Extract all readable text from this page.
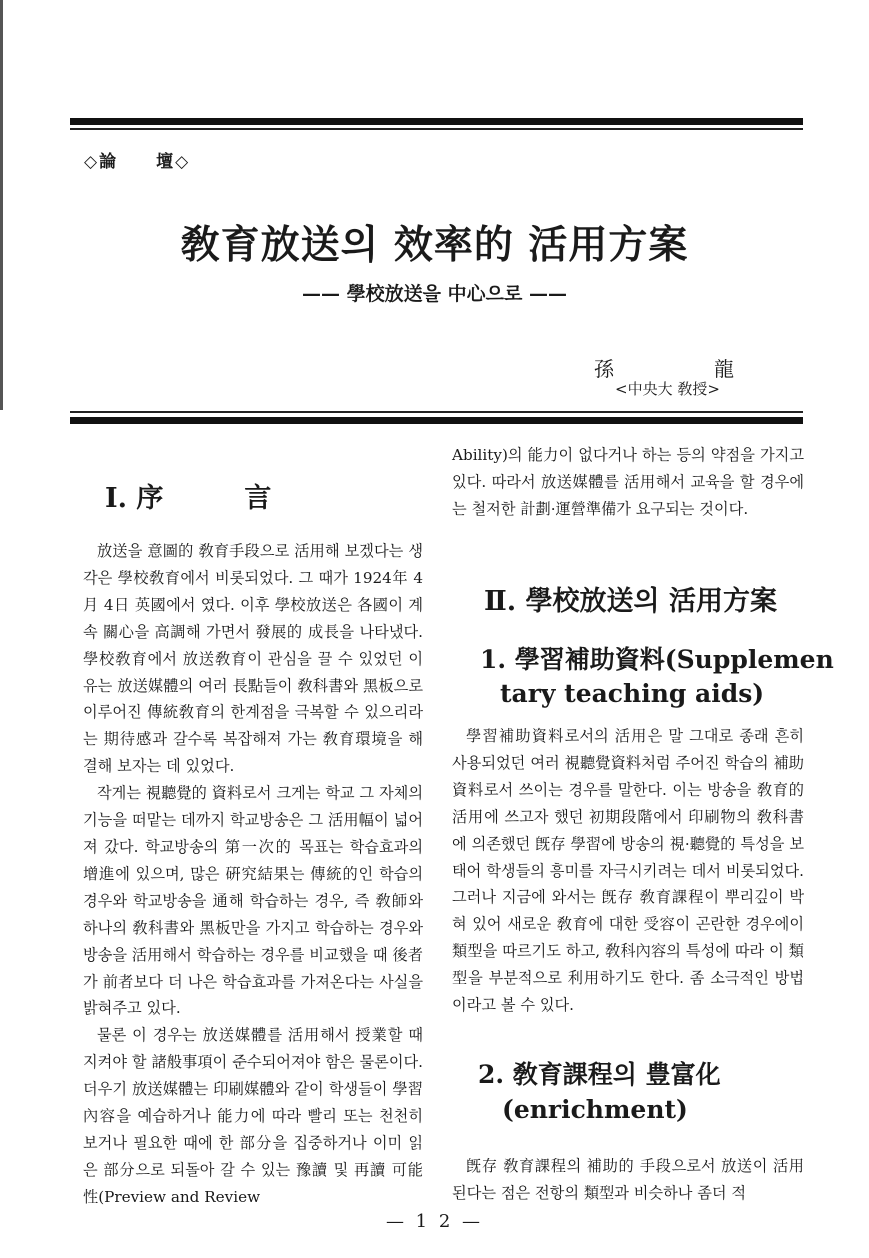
◇論　　壇◇
敎育放送의 效率的 活用方案
—— 學校放送을 中心으로 ——
孫　　　　　龍
<中央大 敎授>
Ⅰ. 序　　　言

放送을 意圖的 敎育手段으로 活用해 보겠다는 생각은 學校敎育에서 비롯되었다. 그 때가 1924年 4月 4日 英國에서 였다. 이후 學校放送은 各國이 계속 關心을 高調해 가면서 發展的 成長을 나타냈다. 學校敎育에서 放送敎育이 관심을 끌 수 있었던 이유는 放送媒體의 여러 長點들이 敎科書와 黑板으로 이루어진 傳統敎育의 한계점을 극복할 수 있으리라는 期待感과 갈수록 복잡해져 가는 敎育環境을 해결해 보자는 데 있었다.

작게는 視聽覺的 資料로서 크게는 학교 그 자체의 기능을 떠맡는 데까지 학교방송은 그 活用幅이 넓어져 갔다. 학교방송의 第一次的 목표는 학습효과의 增進에 있으며, 많은 硏究結果는 傳統的인 학습의 경우와 학교방송을 通해 학습하는 경우, 즉 敎師와 하나의 敎科書와 黑板만을 가지고 학습하는 경우와 방송을 活用해서 학습하는 경우를 비교했을 때 後者가 前者보다 더 나은 학습효과를 가져온다는 사실을 밝혀주고 있다.

물론 이 경우는 放送媒體를 活用해서 授業할 때 지켜야 할 諸般事項이 준수되어져야 함은 물론이다. 더우기 放送媒體는 印刷媒體와 같이 학생들이 學習內容을 예습하거나 能力에 따라 빨리 또는 천천히 보거나 필요한 때에 한 部分을 집중하거나 이미 읽은 部分으로 되돌아 갈 수 있는 豫讀 및 再讀 可能性(Preview and Review

Ability)의 能力이 없다거나 하는 등의 약점을 가지고 있다. 따라서 放送媒體를 活用해서 교육을 할 경우에는 철저한 計劃·運營準備가 요구되는 것이다.

Ⅱ. 學校放送의 活用方案
1. 學習補助資料(Supplemen
tary teaching aids)

學習補助資料로서의 活用은 말 그대로 종래 흔히 사용되었던 여러 視聽覺資料처럼 주어진 학습의 補助資料로서 쓰이는 경우를 말한다. 이는 방송을 敎育的 活用에 쓰고자 했던 初期段階에서 印刷物의 敎科書에 의존했던 旣存 學習에 방송의 視·聽覺的 특성을 보태어 학생들의 흥미를 자극시키려는 데서 비롯되었다. 그러나 지금에 와서는 旣存 敎育課程이 뿌리깊이 박혀 있어 새로운 敎育에 대한 受容이 곤란한 경우에이 類型을 따르기도 하고, 敎科內容의 특성에 따라 이 類型을 부분적으로 利用하기도 한다. 좀 소극적인 방법이라고 볼 수 있다.

2. 敎育課程의 豊富化
(enrichment)

旣存 敎育課程의 補助的 手段으로서 放送이 活用된다는 점은 전항의 類型과 비슷하나 좀더 적

— 1 2 —
